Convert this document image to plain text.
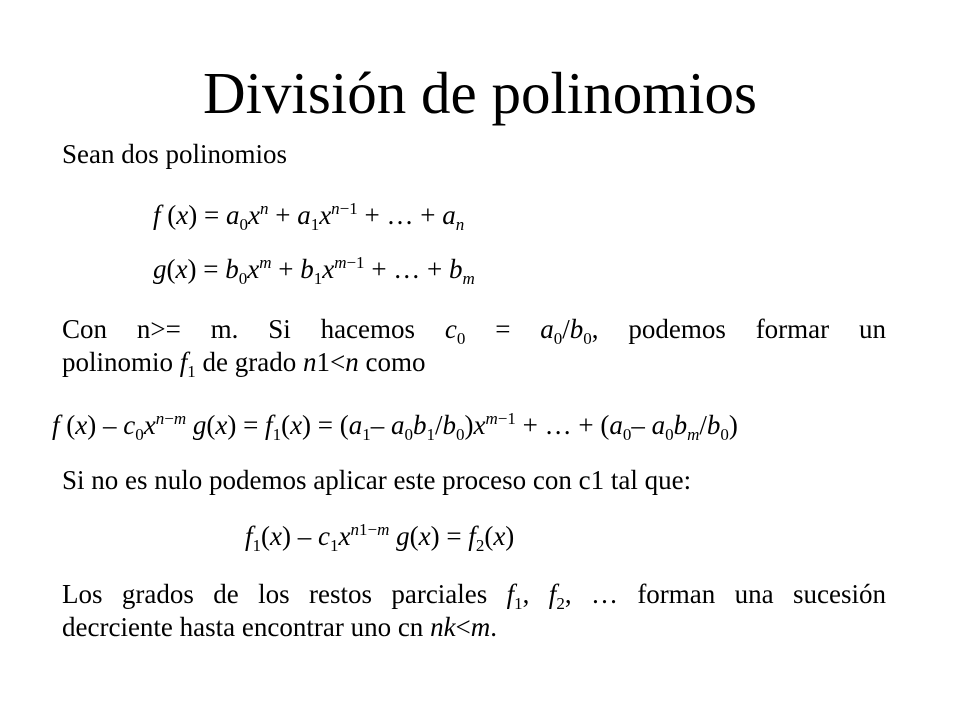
División de polinomios
Sean dos polinomios
f $(x) = a_0x^n + a_1x^{n-1}$ + … + $a_n$
$g(x) = b_0x^m + b_1x^{m-1}$ + … + $b_m$
Con n>= m. Si hacemos $c_0 = a_0/b_0$, podemos formar un
polinomio $f_1$ de grado n1<n como
f $(x) - c_0x^{n-m}$ $g(x) = f_1(x) = (a_1-$ $a_0b_1/b_0)x^{m-1}$ + … + ($a_0-$ $a_0b_m/b_0$)
Si no es nulo podemos aplicar este proceso con c1 tal que:
$f_1(x) - c_1x^{n1-m}$ $g(x) = f_2(x)$
Los grados de los restos parciales $f_1$, $f_2$, … forman una sucesión
decrciente hasta encontrar uno cn nk<m.
